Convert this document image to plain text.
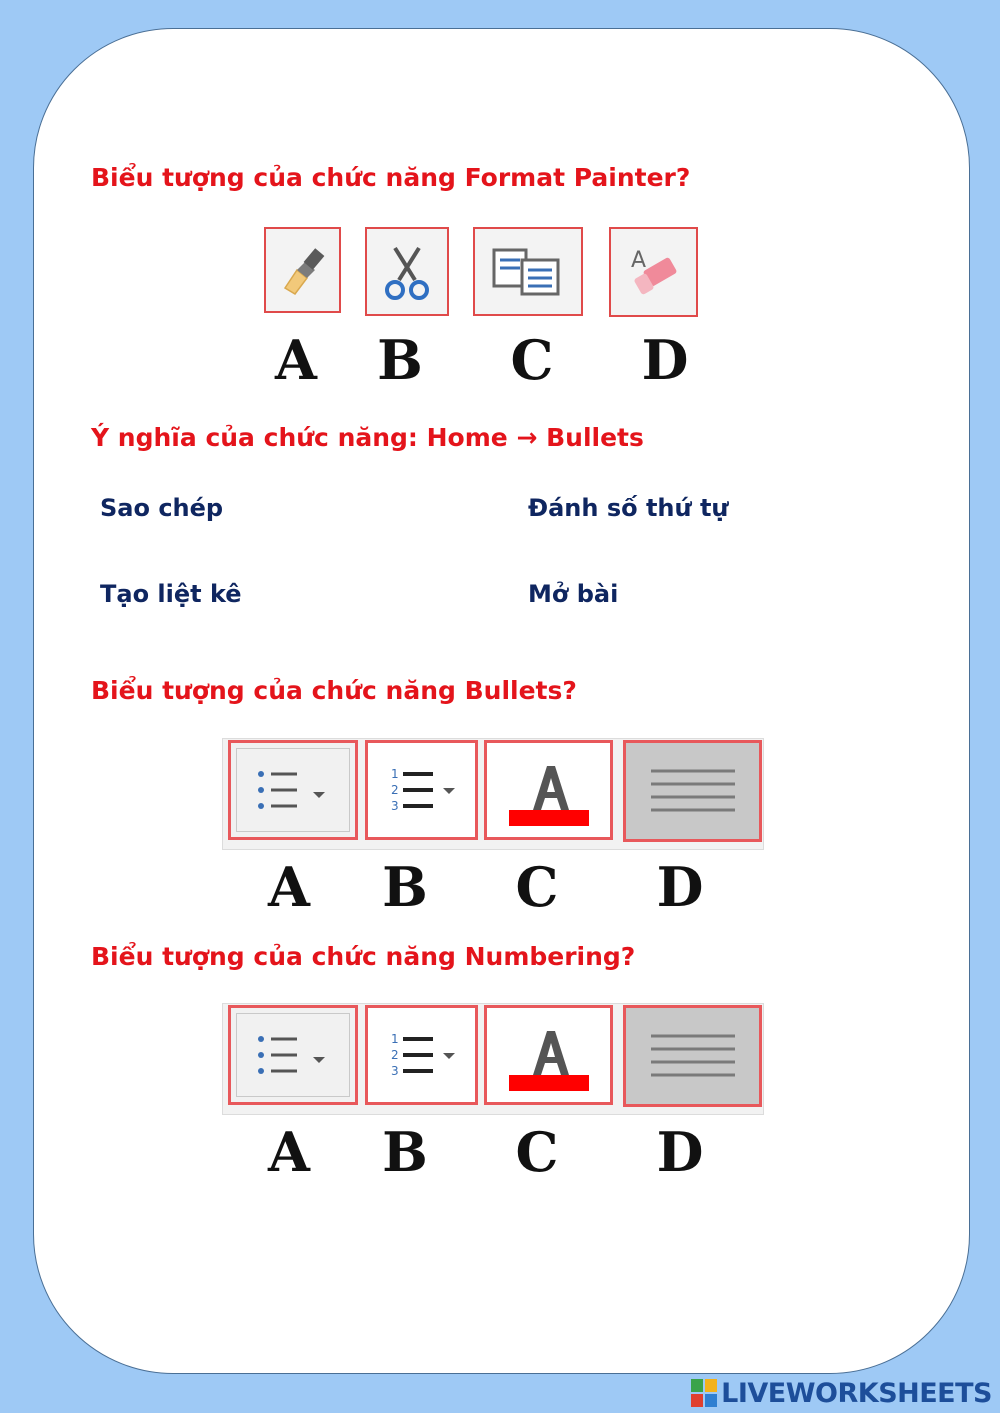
Biểu tượng của chức năng Format Painter?

A
A	B	C	D

Ý nghĩa của chức năng: Home → Bullets

Sao chép	Đánh số thứ tự
Tạo liệt kê	Mở bài

Biểu tượng của chức năng Bullets?

1
2
3
A	B	C	D

Biểu tượng của chức năng Numbering?

1
2
3
A	B	C	D
LIVEWORKSHEETS
